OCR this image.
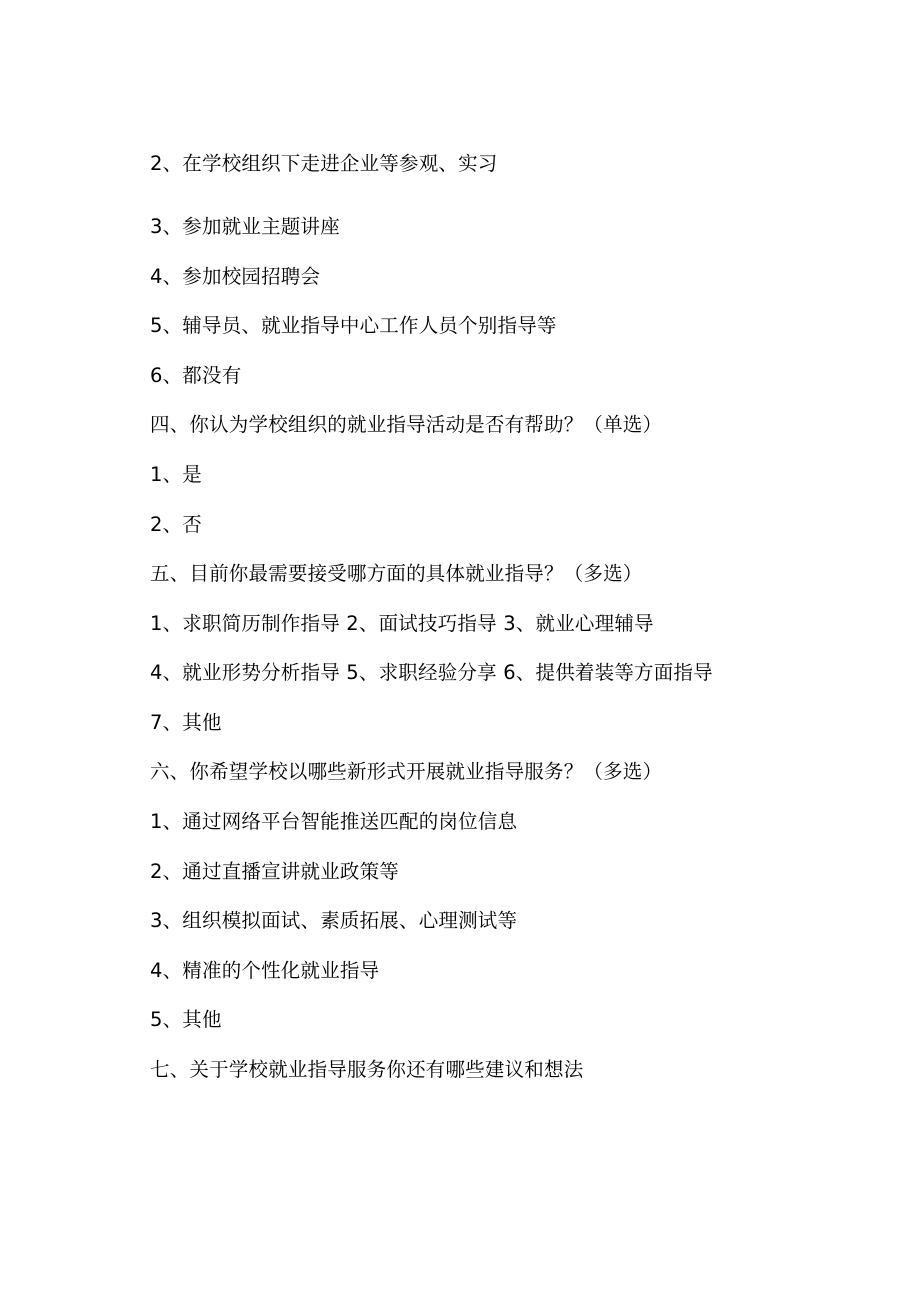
2、在学校组织下走进企业等参观、实习
3、参加就业主题讲座
4、参加校园招聘会
5、辅导员、就业指导中心工作人员个别指导等
6、都没有
四、你认为学校组织的就业指导活动是否有帮助？（单选）
1、是
2、否
五、目前你最需要接受哪方面的具体就业指导？（多选）
1、求职简历制作指导 2、面试技巧指导 3、就业心理辅导
4、就业形势分析指导 5、求职经验分享 6、提供着装等方面指导
7、其他
六、你希望学校以哪些新形式开展就业指导服务？（多选）
1、通过网络平台智能推送匹配的岗位信息
2、通过直播宣讲就业政策等
3、组织模拟面试、素质拓展、心理测试等
4、精准的个性化就业指导
5、其他
七、关于学校就业指导服务你还有哪些建议和想法
